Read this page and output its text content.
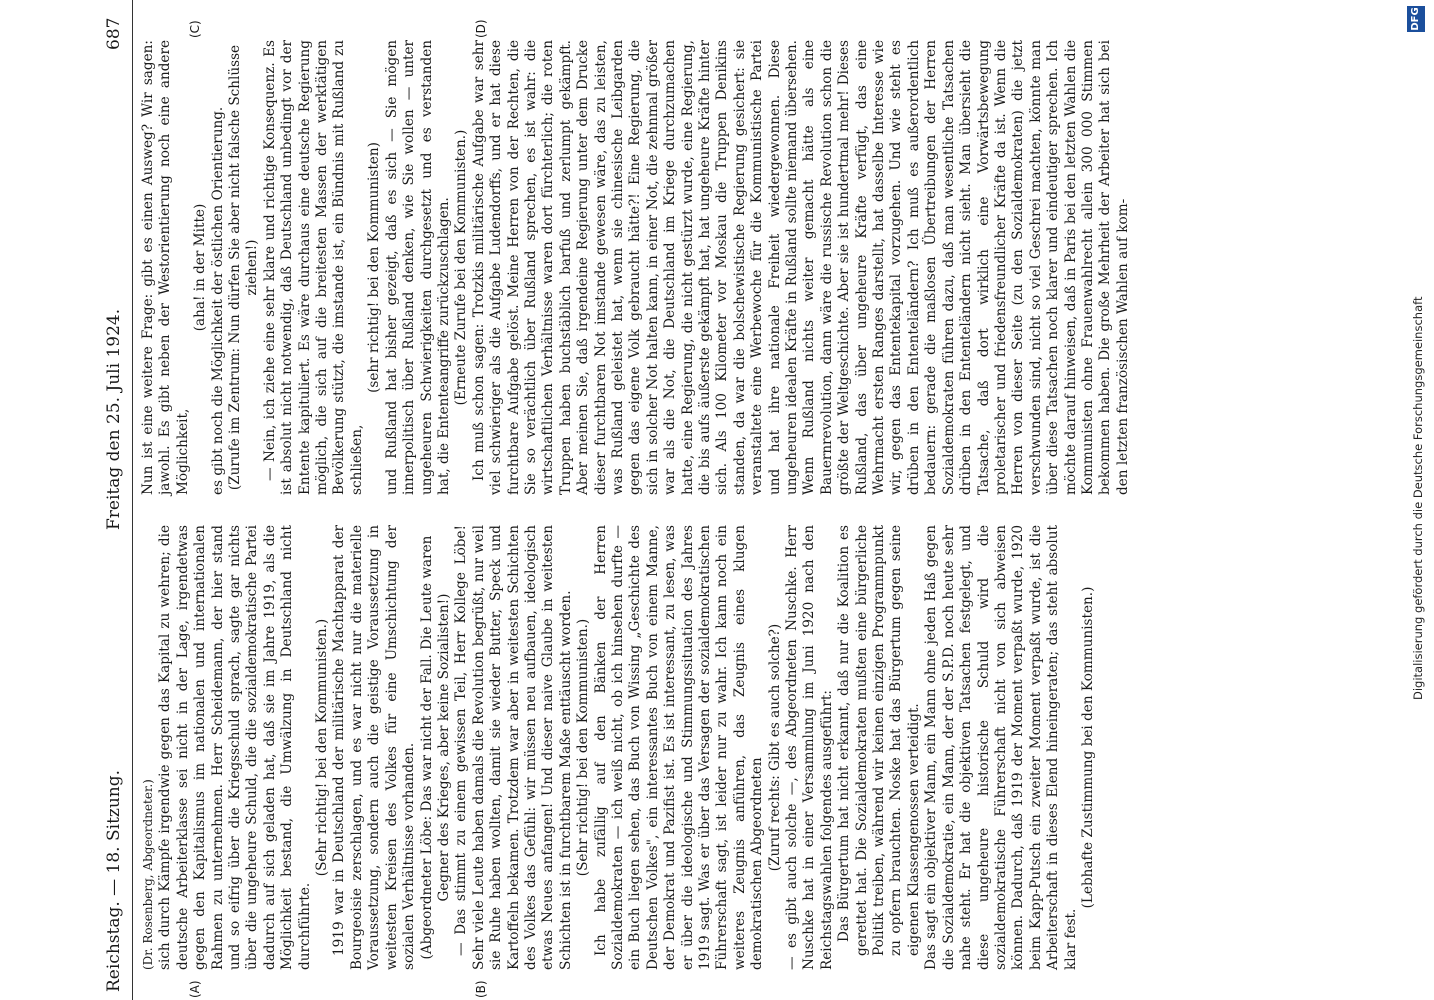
Reichstag. — 18. Sitzung.
Freitag den 25. Juli 1924.
687
(A)	(B)
(C)	(D)

(Dr. Rosenberg, Abgeordneter.) sich durch Kämpfe irgendwie gegen das Kapital zu wehren; die deutsche Arbeiterklasse sei nicht in der Lage, irgendetwas gegen den Kapitalismus im nationalen und internationalen Rahmen zu unternehmen. Herr Scheidemann, der hier stand und so eifrig über die Kriegsschuld sprach, sagte gar nichts über die ungeheure Schuld, die die sozialdemokratische Partei dadurch auf sich geladen hat, daß sie im Jahre 1919, als die Möglichkeit bestand, die Umwälzung in Deutschland nicht durchführte.

(Sehr richtig! bei den Kommunisten.) 1919 war in Deutschland der militärische Machtapparat der Bourgeoisie zerschlagen, und es war nicht nur die materielle Voraussetzung, sondern auch die geistige Voraussetzung in weitesten Kreisen des Volkes für eine Umschichtung der sozialen Verhältnisse vorhanden. (Abgeordneter Löbe: Das war nicht der Fall. Die Leute waren Gegner des Krieges, aber keine Sozialisten!) — Das stimmt zu einem gewissen Teil, Herr Kollege Löbe! Sehr viele Leute haben damals die Revolution begrüßt, nur weil sie Ruhe haben wollten, damit sie wieder Butter, Speck und Kartoffeln bekamen. Trotzdem war aber in weitesten Schichten des Volkes das Gefühl: wir müssen neu aufbauen, ideologisch etwas Neues anfangen! Und dieser naive Glaube in weitesten Schichten ist in furchtbarem Maße enttäuscht worden. (Sehr richtig! bei den Kommunisten.) Ich habe zufällig auf den Bänken der Herren Sozialdemokraten — ich weiß nicht, ob ich hinsehen durfte — ein Buch liegen sehen, das Buch von Wissing „Geschichte des Deutschen Volkes", ein interessantes Buch von einem Manne, der Demokrat und Pazifist ist. Es ist interessant, zu lesen, was er über die ideologische und Stimmungssituation des Jahres 1919 sagt. Was er über das Versagen der sozialdemokratischen Führerschaft sagt, ist leider nur zu wahr. Ich kann noch ein weiteres Zeugnis anführen, das Zeugnis eines klugen demokratischen Abgeordneten (Zuruf rechts: Gibt es auch solche?) — es gibt auch solche —, des Abgeordneten Nuschke. Herr Nuschke hat in einer Versammlung im Juni 1920 nach den Reichstagswahlen folgendes ausgeführt: Das Bürgertum hat nicht erkannt, daß nur die Koalition es gerettet hat. Die Sozialdemokraten mußten eine bürgerliche Politik treiben, während wir keinen einzigen Programmpunkt zu opfern brauchten. Noske hat das Bürgertum gegen seine eigenen Klassengenossen verteidigt. Das sagt ein objektiver Mann, ein Mann ohne jeden Haß gegen die Sozialdemokratie, ein Mann, der der S.P.D. noch heute sehr nahe steht. Er hat die objektiven Tatsachen festgelegt, und diese ungeheure historische Schuld wird die sozialdemokratische Führerschaft nicht von sich abweisen können. Dadurch, daß 1919 der Moment verpaßt wurde, 1920 beim Kapp-Putsch ein zweiter Moment verpaßt wurde, ist die Arbeiterschaft in dieses Elend hineingeraten; das steht absolut klar fest.

(Lebhafte Zustimmung bei den Kommunisten.)

Nun ist eine weitere Frage: gibt es einen Ausweg? Wir sagen: jawohl. Es gibt neben der Westorientierung noch eine andere Möglichkeit,

(aha! in der Mitte) es gibt noch die Möglichkeit der östlichen Orientierung. (Zurufe im Zentrum: Nun dürfen Sie aber nicht falsche Schlüsse ziehen!) — Nein, ich ziehe eine sehr klare und richtige Konsequenz. Es ist absolut nicht notwendig, daß Deutschland unbedingt vor der Entente kapituliert. Es wäre durchaus eine deutsche Regierung möglich, die sich auf die breitesten Massen der werktätigen Bevölkerung stützt, die imstande ist, ein Bündnis mit Rußland zu schließen,

(sehr richtig! bei den Kommunisten) und Rußland hat bisher gezeigt, daß es sich — Sie mögen innerpolitisch über Rußland denken, wie Sie wollen — unter ungeheuren Schwierigkeiten durchgesetzt und es verstanden hat, die Ententeangriffe zurückzuschlagen. (Erneute Zurufe bei den Kommunisten.) Ich muß schon sagen: Trotzkis militärische Aufgabe war sehr viel schwieriger als die Aufgabe Ludendorffs, und er hat diese furchtbare Aufgabe gelöst. Meine Herren von der Rechten, die Sie so verächtlich über Rußland sprechen, es ist wahr: die wirtschaftlichen Verhältnisse waren dort fürchterlich; die roten Truppen haben buchstäblich barfuß und zerlumpt gekämpft. Aber meinen Sie, daß irgendeine Regierung unter dem Drucke dieser furchtbaren Not imstande gewesen wäre, das zu leisten, was Rußland geleistet hat, wenn sie chinesische Leibgarden gegen das eigene Volk gebraucht hätte?! Eine Regierung, die sich in solcher Not halten kann, in einer Not, die zehnmal größer war als die Not, die Deutschland im Kriege durchzumachen hatte, eine Regierung, die nicht gestürzt wurde, eine Regierung, die bis aufs äußerste gekämpft hat, hat ungeheure Kräfte hinter sich. Als 100 Kilometer vor Moskau die Truppen Denikins standen, da war die bolschewistische Regierung gesichert: sie veranstaltete eine Werbewoche für die Kommunistische Partei und hat ihre nationale Freiheit wiedergewonnen. Diese ungeheuren idealen Kräfte in Rußland sollte niemand übersehen. Wenn Rußland nichts weiter gemacht hätte als eine Bauernrevolution, dann wäre die russische Revolution schon die größte der Weltgeschichte. Aber sie ist hundertmal mehr! Dieses Rußland, das über ungeheure Kräfte verfügt, das eine Wehrmacht ersten Ranges darstellt, hat dasselbe Interesse wie wir, gegen das Ententekapital vorzugehen. Und wie steht es drüben in den Ententeländern? Ich muß es außerordentlich bedauern: gerade die maßlosen Übertreibungen der Herren Sozialdemokraten führen dazu, daß man wesentliche Tatsachen drüben in den Ententeländern nicht sieht. Man übersieht die Tatsache, daß dort wirklich eine Vorwärtsbewegung proletarischer und friedensfreundlicher Kräfte da ist. Wenn die Herren von dieser Seite (zu den Sozialdemokraten) die jetzt verschwunden sind, nicht so viel Geschrei machten, könnte man über diese Tatsachen noch klarer und eindeutiger sprechen. Ich möchte darauf hinweisen, daß in Paris bei den letzten Wahlen die Kommunisten ohne Frauenwahlrecht allein 300 000 Stimmen bekommen haben. Die große Mehrheit der Arbeiter hat sich bei den letzten französischen Wahlen auf kom-	Digitalisierung gefördert durch die Deutsche Forschungsgemeinschaft
DFG
